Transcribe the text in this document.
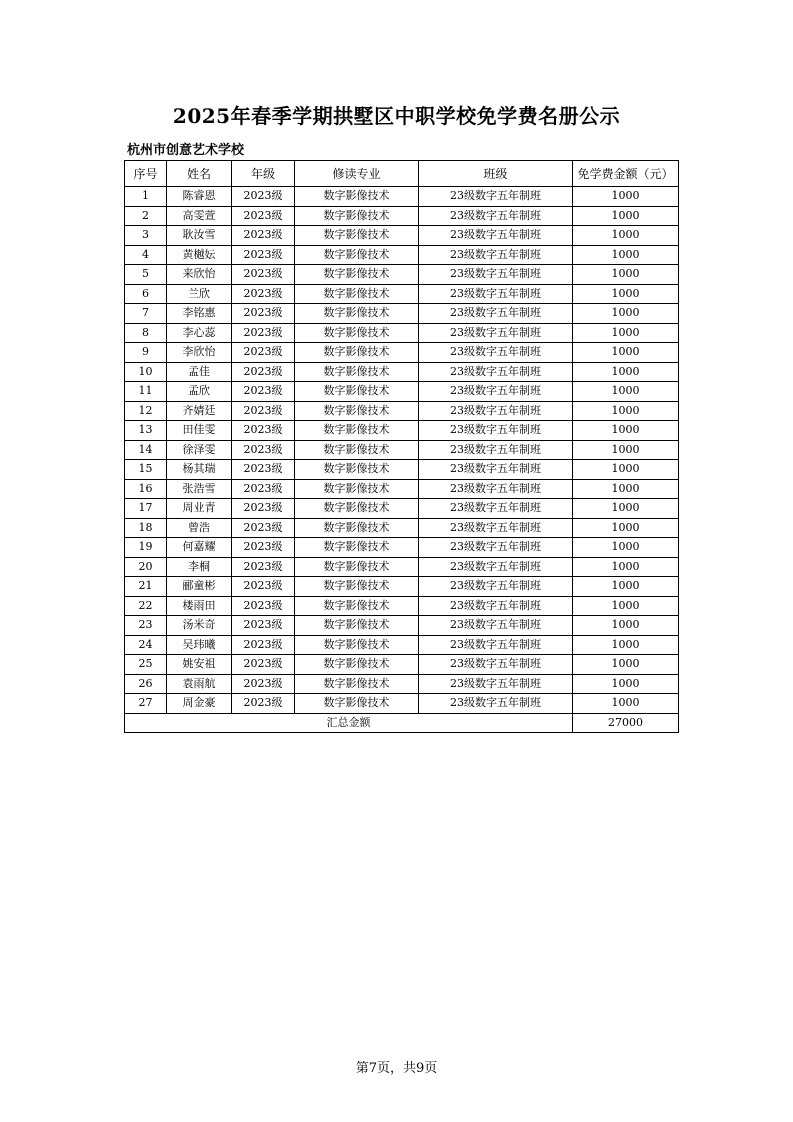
2025年春季学期拱墅区中职学校免学费名册公示
杭州市创意艺术学校
序号	姓名	年级	修读专业	班级	免学费金额（元）
1	陈睿恩	2023级	数字影像技术	23级数字五年制班	1000
2	高雯萱	2023级	数字影像技术	23级数字五年制班	1000
3	耿汝雪	2023级	数字影像技术	23级数字五年制班	1000
4	黄樾妘	2023级	数字影像技术	23级数字五年制班	1000
5	来欣怡	2023级	数字影像技术	23级数字五年制班	1000
6	兰欣	2023级	数字影像技术	23级数字五年制班	1000
7	李铭惠	2023级	数字影像技术	23级数字五年制班	1000
8	李心蕊	2023级	数字影像技术	23级数字五年制班	1000
9	李欣怡	2023级	数字影像技术	23级数字五年制班	1000
10	孟佳	2023级	数字影像技术	23级数字五年制班	1000
11	孟欣	2023级	数字影像技术	23级数字五年制班	1000
12	齐婧廷	2023级	数字影像技术	23级数字五年制班	1000
13	田佳雯	2023级	数字影像技术	23级数字五年制班	1000
14	徐泽雯	2023级	数字影像技术	23级数字五年制班	1000
15	杨其瑞	2023级	数字影像技术	23级数字五年制班	1000
16	张浩雪	2023级	数字影像技术	23级数字五年制班	1000
17	周业青	2023级	数字影像技术	23级数字五年制班	1000
18	曾浩	2023级	数字影像技术	23级数字五年制班	1000
19	何嘉耀	2023级	数字影像技术	23级数字五年制班	1000
20	李桐	2023级	数字影像技术	23级数字五年制班	1000
21	郦童彬	2023级	数字影像技术	23级数字五年制班	1000
22	楼雨田	2023级	数字影像技术	23级数字五年制班	1000
23	汤米奇	2023级	数字影像技术	23级数字五年制班	1000
24	吴玮曦	2023级	数字影像技术	23级数字五年制班	1000
25	姚安祖	2023级	数字影像技术	23级数字五年制班	1000
26	袁雨航	2023级	数字影像技术	23级数字五年制班	1000
27	周金豪	2023级	数字影像技术	23级数字五年制班	1000
汇总金额					27000
第7页，共9页
